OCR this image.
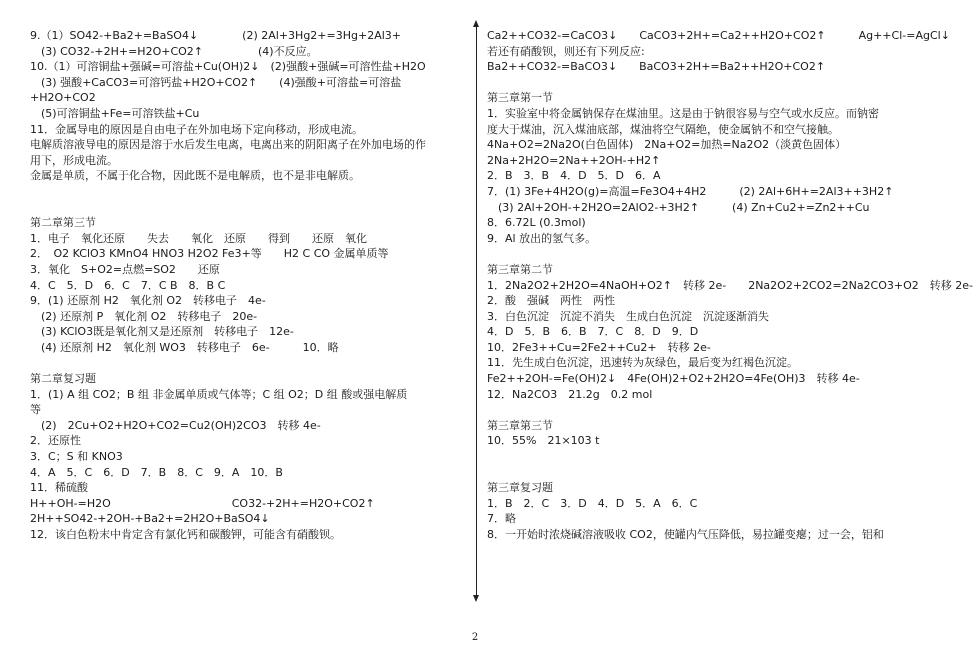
9.（1）SO42-+Ba2+=BaSO4↓　　　　(2) 2Al+3Hg2+=3Hg+2Al3+
　(3) CO32-+2H+=H2O+CO2↑　　　　　(4)不反应。
10.（1）可溶铜盐+强碱=可溶盐+Cu(OH)2↓　(2)强酸+强碱=可溶性盐+H2O
　(3) 强酸+CaCO3=可溶钙盐+H2O+CO2↑　　(4)强酸+可溶盐=可溶盐
+H2O+CO2
　(5)可溶铜盐+Fe=可溶铁盐+Cu
11．金属导电的原因是自由电子在外加电场下定向移动，形成电流。
电解质溶液导电的原因是溶于水后发生电离，电离出来的阴阳离子在外加电场的作
用下，形成电流。
金属是单质，不属于化合物，因此既不是电解质，也不是非电解质。
第二章第三节
1．电子　氧化还原　　失去　　氧化　还原　　得到　　还原　氧化
2．　O2 KClO3 KMnO4 HNO3 H2O2 Fe3+等　　H2 C CO 金属单质等
3．氧化　S+O2=点燃=SO2　　还原
4．C　5．D　6．C　7．C B　8．B C
9．(1) 还原剂 H2　氧化剂 O2　转移电子　4e-
　(2) 还原剂 P　氧化剂 O2　转移电子　20e-
　(3) KClO3既是氧化剂又是还原剂　转移电子　12e-
　(4) 还原剂 H2　氧化剂 WO3　转移电子　6e-　　　10．略
第二章复习题
1．(1) A 组 CO2；B 组 非金属单质或气体等；C 组 O2；D 组 酸或强电解质
等
　(2)　2Cu+O2+H2O+CO2=Cu2(OH)2CO3　转移 4e-
2．还原性
3．C；S 和 KNO3
4．A　5．C　6．D　7．B　8．C　9．A　10．B
11．稀硫酸
H++OH-=H2O　　　　　　　　　　　CO32-+2H+=H2O+CO2↑
2H++SO42-+2OH-+Ba2+=2H2O+BaSO4↓
12．该白色粉末中肯定含有氯化钙和碳酸钾，可能含有硝酸钡。
Ca2++CO32-=CaCO3↓　　CaCO3+2H+=Ca2++H2O+CO2↑　　　Ag++Cl-=AgCl↓
若还有硝酸钡，则还有下列反应:
Ba2++CO32-=BaCO3↓　　BaCO3+2H+=Ba2++H2O+CO2↑
第三章第一节
1．实验室中将金属钠保存在煤油里。这是由于钠很容易与空气或水反应。而钠密
度大于煤油，沉入煤油底部，煤油将空气隔绝，使金属钠不和空气接触。
4Na+O2=2Na2O(白色固体)　2Na+O2=加热=Na2O2（淡黄色固体）
2Na+2H2O=2Na++2OH-+H2↑
2．B　3．B　4．D　5．D　6．A
7．(1) 3Fe+4H2O(g)=高温=Fe3O4+4H2　　　(2) 2Al+6H+=2Al3++3H2↑
　(3) 2Al+2OH-+2H2O=2AlO2-+3H2↑　　　(4) Zn+Cu2+=Zn2++Cu
8．6.72L (0.3mol)
9．Al 放出的氢气多。
第三章第二节
1．2Na2O2+2H2O=4NaOH+O2↑　转移 2e-　　2Na2O2+2CO2=2Na2CO3+O2　转移 2e-
2．酸　强碱　两性　两性
3．白色沉淀　沉淀不消失　生成白色沉淀　沉淀逐渐消失
4．D　5．B　6．B　7．C　8．D　9．D
10．2Fe3++Cu=2Fe2++Cu2+　转移 2e-
11．先生成白色沉淀，迅速转为灰绿色，最后变为红褐色沉淀。
Fe2++2OH-=Fe(OH)2↓　4Fe(OH)2+O2+2H2O=4Fe(OH)3　转移 4e-
12．Na2CO3　21.2g　0.2 mol
第三章第三节
10．55%　21×103 t
第三章复习题
1．B　2．C　3．D　4．D　5．A　6．C
7．略
8．一开始时浓烧碱溶液吸收 CO2，使罐内气压降低，易拉罐变瘪；过一会，铝和
2
